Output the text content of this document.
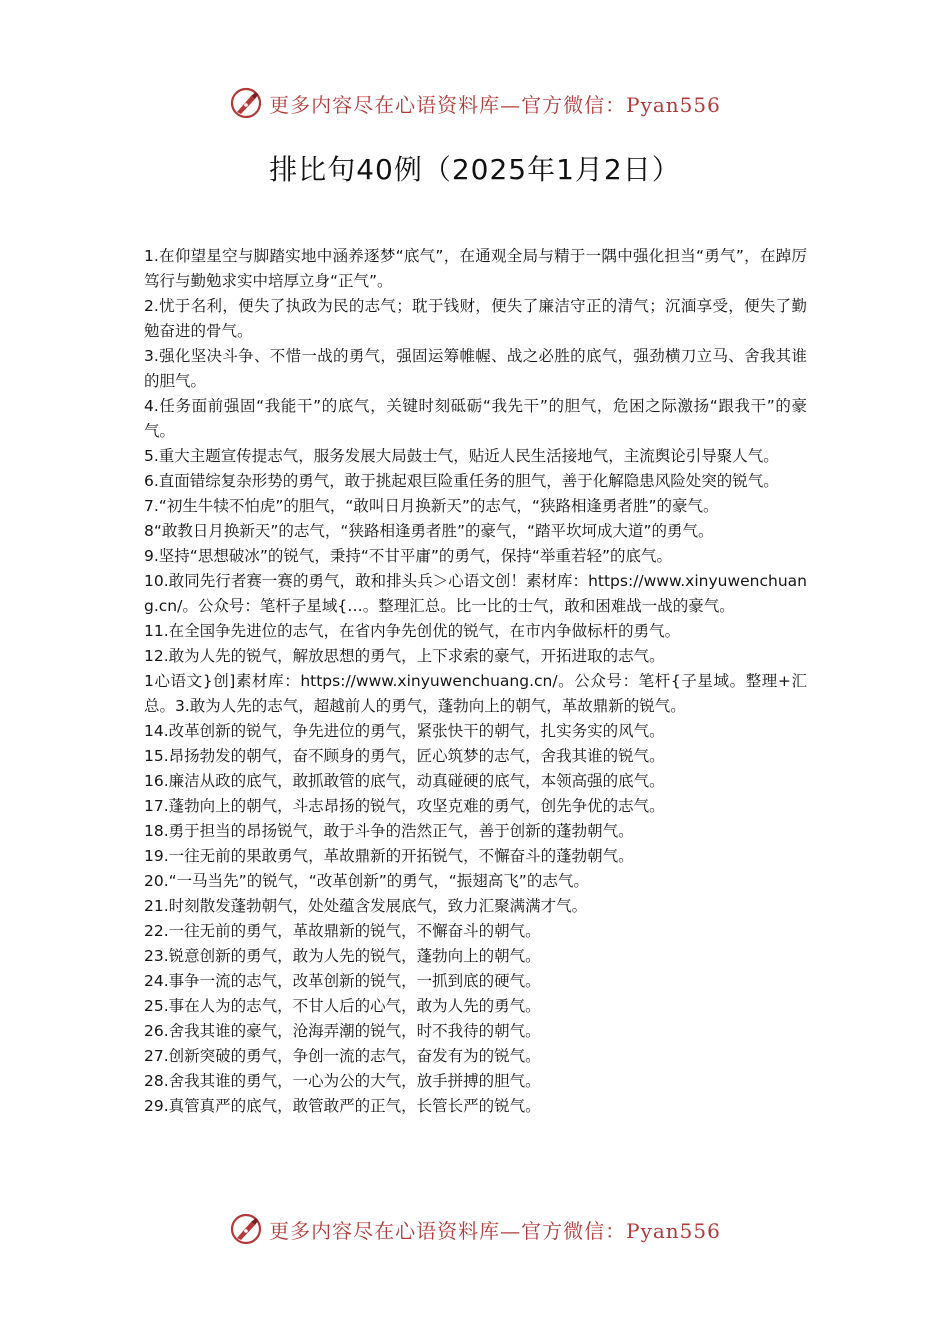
更多内容尽在心语资料库—官方微信：Pyan556
排比句40例（2025年1月2日）

1.在仰望星空与脚踏实地中涵养逐梦“底气”，在通观全局与精于一隅中强化担当“勇气”，在踔厉笃行与勤勉求实中培厚立身“正气”。

2.忧于名利，便失了执政为民的志气；耽于钱财，便失了廉洁守正的清气；沉湎享受，便失了勤勉奋进的骨气。

3.强化坚决斗争、不惜一战的勇气，强固运筹帷幄、战之必胜的底气，强劲横刀立马、舍我其谁的胆气。

4.任务面前强固“我能干”的底气，关键时刻砥砺“我先干”的胆气，危困之际激扬“跟我干”的豪气。

5.重大主题宣传提志气，服务发展大局鼓士气，贴近人民生活接地气，主流舆论引导聚人气。

6.直面错综复杂形势的勇气，敢于挑起艰巨险重任务的胆气，善于化解隐患风险处突的锐气。

7.“初生牛犊不怕虎”的胆气，“敢叫日月换新天”的志气，“狭路相逢勇者胜”的豪气。

8“敢教日月换新天”的志气，“狭路相逢勇者胜”的豪气，“踏平坎坷成大道”的勇气。

9.坚持“思想破冰”的锐气，秉持“不甘平庸”的勇气，保持“举重若轻”的底气。

10.敢同先行者赛一赛的勇气，敢和排头兵＞心语文创！素材库：https://www.xinyuwenchuang.cn/。公众号：笔杆子星域{…。整理汇总。比一比的士气，敢和困难战一战的豪气。

11.在全国争先进位的志气，在省内争先创优的锐气，在市内争做标杆的勇气。

12.敢为人先的锐气，解放思想的勇气，上下求索的豪气，开拓进取的志气。

1心语文}创]素材库：https://www.xinyuwenchuang.cn/。公众号：笔杆{子星域。整理+汇总。3.敢为人先的志气，超越前人的勇气，蓬勃向上的朝气，革故鼎新的锐气。

14.改革创新的锐气，争先进位的勇气，紧张快干的朝气，扎实务实的风气。

15.昂扬勃发的朝气，奋不顾身的勇气，匠心筑梦的志气，舍我其谁的锐气。

16.廉洁从政的底气，敢抓敢管的底气，动真碰硬的底气，本领高强的底气。

17.蓬勃向上的朝气，斗志昂扬的锐气，攻坚克难的勇气，创先争优的志气。

18.勇于担当的昂扬锐气，敢于斗争的浩然正气，善于创新的蓬勃朝气。

19.一往无前的果敢勇气，革故鼎新的开拓锐气，不懈奋斗的蓬勃朝气。

20.“一马当先”的锐气，“改革创新”的勇气，“振翅高飞”的志气。

21.时刻散发蓬勃朝气，处处蕴含发展底气，致力汇聚满满才气。

22.一往无前的勇气，革故鼎新的锐气，不懈奋斗的朝气。

23.锐意创新的勇气，敢为人先的锐气，蓬勃向上的朝气。

24.事争一流的志气，改革创新的锐气，一抓到底的硬气。

25.事在人为的志气，不甘人后的心气，敢为人先的勇气。

26.舍我其谁的豪气，沧海弄潮的锐气，时不我待的朝气。

27.创新突破的勇气，争创一流的志气，奋发有为的锐气。

28.舍我其谁的勇气，一心为公的大气，放手拼搏的胆气。

29.真管真严的底气，敢管敢严的正气，长管长严的锐气。

更多内容尽在心语资料库—官方微信：Pyan556
